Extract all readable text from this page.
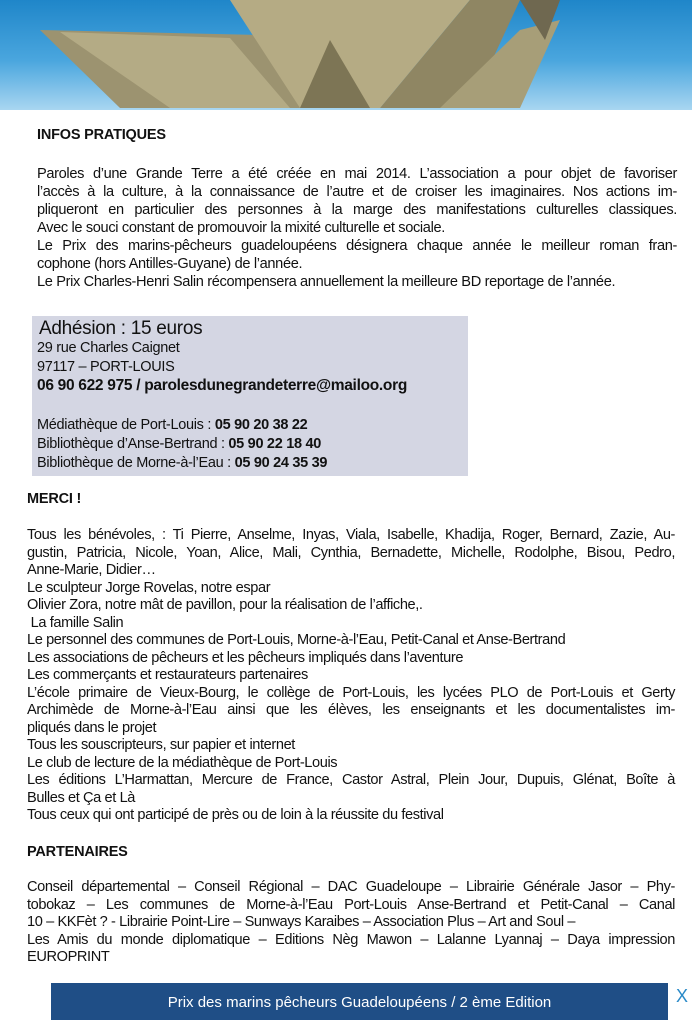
INFOS PRATIQUES
Paroles d’une Grande Terre a été créée en mai 2014. L’association a pour objet de favoriser
l’accès à la culture, à la connaissance de l’autre et de croiser les imaginaires. Nos actions im-
pliqueront en particulier des personnes à la marge des manifestations culturelles classiques.
Avec le souci constant de promouvoir la mixité culturelle et sociale.
Le Prix des marins-pêcheurs guadeloupéens désignera chaque année le meilleur roman fran-
cophone (hors Antilles-Guyane) de l’année.
Le Prix Charles-Henri Salin récompensera annuellement la meilleure BD reportage de l’année.
Adhésion : 15 euros
29 rue Charles Caignet
97117 – PORT-LOUIS
06 90 622 975 / parolesdunegrandeterre@mailoo.org
Médiathèque de Port-Louis : 05 90 20 38 22
Bibliothèque d’Anse-Bertrand : 05 90 22 18 40
Bibliothèque de Morne-à-l’Eau : 05 90 24 35 39
MERCI !
Tous les bénévoles, : Ti Pierre, Anselme, Inyas, Viala, Isabelle, Khadija, Roger, Bernard, Zazie, Au-
gustin, Patricia, Nicole, Yoan, Alice, Mali, Cynthia, Bernadette, Michelle, Rodolphe, Bisou, Pedro,
Anne-Marie, Didier…
Le sculpteur Jorge Rovelas, notre espar
Olivier Zora, notre mât de pavillon, pour la réalisation de l’affiche,.
La famille Salin
Le personnel des communes de Port-Louis, Morne-à-l’Eau, Petit-Canal et Anse-Bertrand
Les associations de pêcheurs et les pêcheurs impliqués dans l’aventure
Les commerçants et restaurateurs partenaires
L’école primaire de Vieux-Bourg, le collège de Port-Louis, les lycées PLO de Port-Louis et Gerty
Archimède de Morne-à-l’Eau ainsi que les élèves, les enseignants et les documentalistes im-
pliqués dans le projet
Tous les souscripteurs, sur papier et internet
Le club de lecture de la médiathèque de Port-Louis
Les éditions L’Harmattan, Mercure de France, Castor Astral, Plein Jour, Dupuis, Glénat, Boîte à
Bulles et Ça et Là
Tous ceux qui ont participé de près ou de loin à la réussite du festival
PARTENAIRES
Conseil départemental – Conseil Régional – DAC Guadeloupe – Librairie Générale Jasor – Phy-
tobokaz – Les communes de Morne-à-l’Eau Port-Louis Anse-Bertrand et Petit-Canal – Canal
10 – KKFèt ? - Librairie Point-Lire – Sunways Karaibes – Association Plus – Art and Soul –
Les Amis du monde diplomatique – Editions Nèg Mawon – Lalanne Lyannaj – Daya impression
EUROPRINT
Prix des marins pêcheurs Guadeloupéens / 2 ème Edition	X
